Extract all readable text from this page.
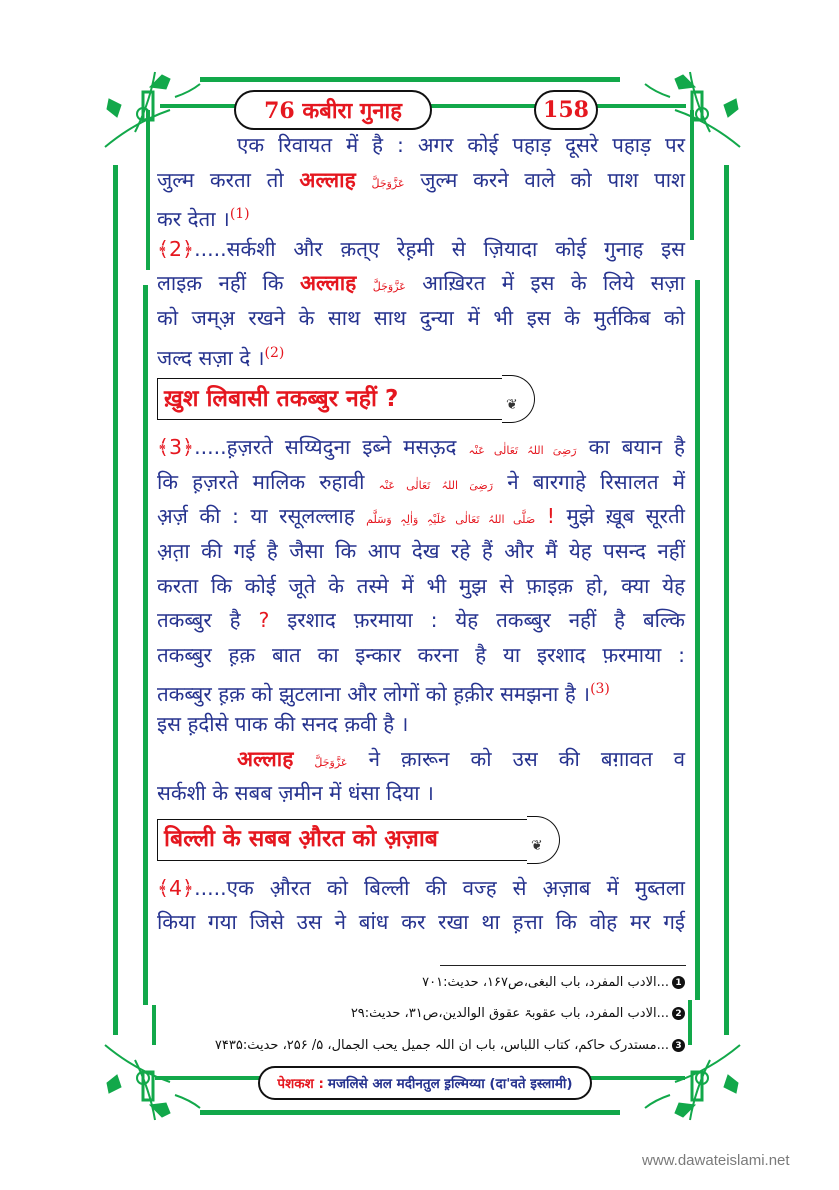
76 कबीरा गुनाह	158
एक रिवायत में है : अगर कोई पहाड़ दूसरे पहाड़ पर
जुल्म करता तो अल्लाह عَزَّوَجَلَّ जुल्म करने वाले को पाश पाश
कर देता ।$^{(1)}$
﴾2﴿.....सर्कशी और क़त्ए रेह़मी से ज़ियादा कोई गुनाह इस
लाइक़ नहीं कि अल्लाह عَزَّوَجَلَّ आख़िरत में इस के लिये सज़ा
को जम्अ़ रखने के साथ साथ दुन्या में भी इस के मुर्तकिब को
जल्द सज़ा दे ।$^{(2)}$
ख़ुश लिबासी तकब्बुर नहीं ?	❦
﴾3﴿.....ह़ज़रते सय्यिदुना इब्ने मसऊ़द رَضِیَ اللہُ تَعَالٰی عَنْہ का बयान है
कि ह़ज़रते मालिक रुहावी رَضِیَ اللہُ تَعَالٰی عَنْہ ने बारगाहे रिसालत में
अ़र्ज़ की : या रसूलल्लाह صَلَّی اللہُ تَعَالٰی عَلَیْہِ وَاٰلِہٖ وَسَلَّم ! मुझे ख़ूब सूरती
अ़त़ा की गई है जैसा कि आप देख रहे हैं और मैं येह पसन्द नहीं
करता कि कोई जूते के तस्मे में भी मुझ से फ़ाइक़ हो, क्या येह
तकब्बुर है ? इरशाद फ़रमाया : येह तकब्बुर नहीं है बल्कि
तकब्बुर ह़क़ बात का इन्कार करना है या इरशाद फ़रमाया :
तकब्बुर ह़क़ को झुटलाना और लोगों को ह़क़ीर समझना है ।$^{(3)}$
इस ह़दीसे पाक की सनद क़वी है ।
अल्लाह عَزَّوَجَلَّ ने क़ारून को उस की बग़ावत व
सर्कशी के सबब ज़मीन में धंसा दिया ।
बिल्ली के सबब औ़रत को अ़ज़ाब	❦
﴾4﴿.....एक औ़रत को बिल्ली की वज्ह से अ़ज़ाब में मुब्तला
किया गया जिसे उस ने बांध कर रखा था ह़त्ता कि वोह मर गई
1
...الادب المفرد، باب البغی،ص۱۶۷، حدیث:۷۰۱
2
...الادب المفرد، باب عقوبۃ عقوق الوالدین،ص۳۱، حدیث:۲۹
3
...مستدرک حاکم، کتاب اللباس، باب ان اللہ جمیل یحب الجمال، ۵/ ۲۵۶، حدیث:۷۴۳۵
पेशकश : मजलिसे अल मदीनतुल इ़ल्मिय्या (दा'वते इस्लामी)
www.dawateislami.net
